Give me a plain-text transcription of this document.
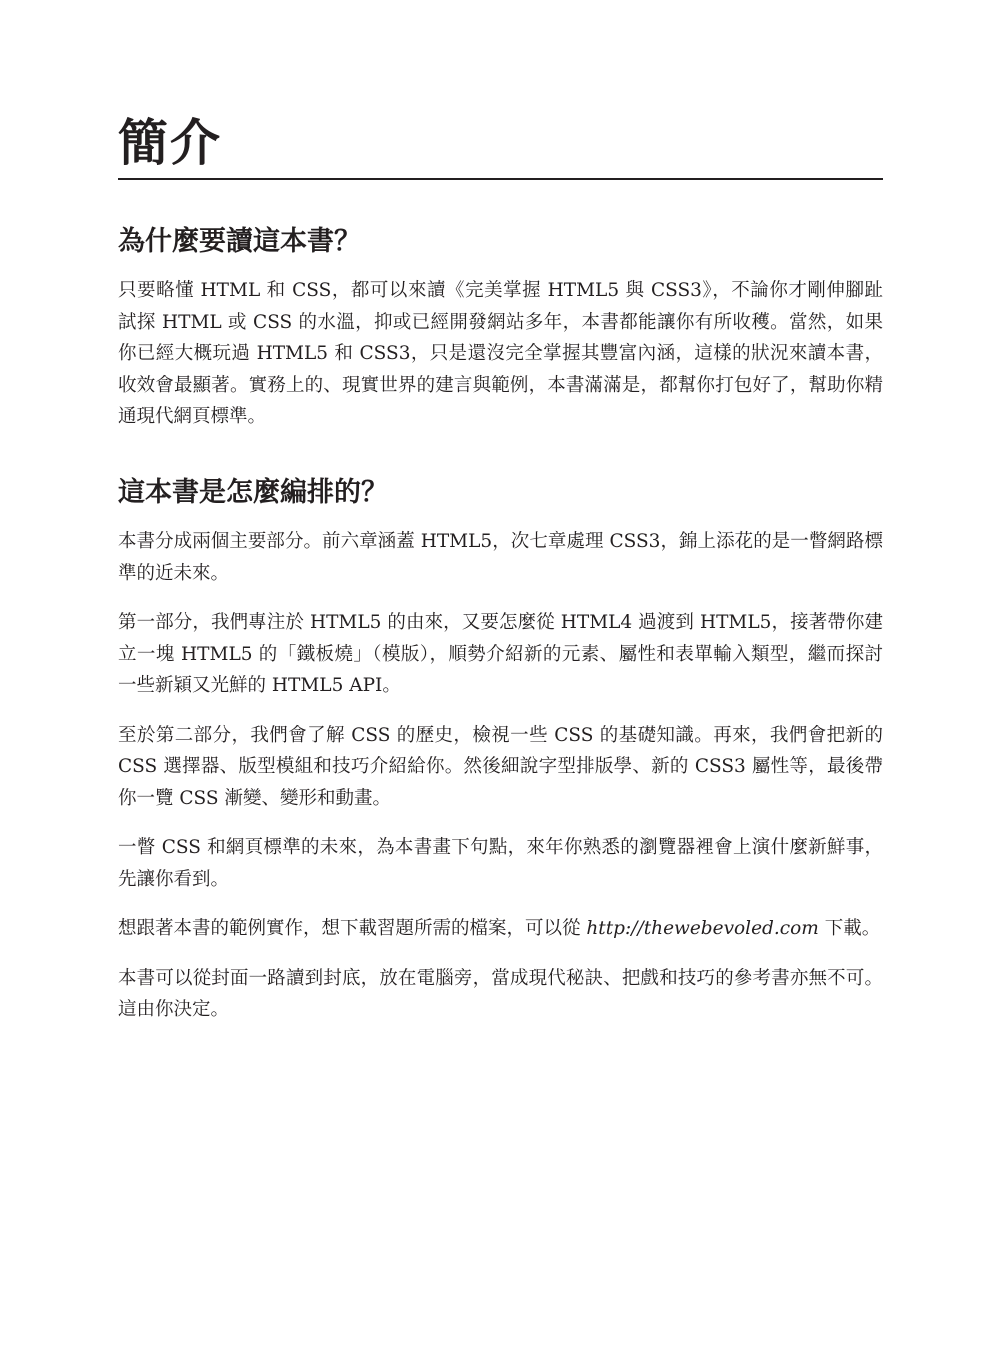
簡介
為什麼要讀這本書？

只要略懂 HTML 和 CSS，都可以來讀《完美掌握 HTML5 與 CSS3》，不論你才剛伸腳趾試探 HTML 或 CSS 的水溫，抑或已經開發網站多年，本書都能讓你有所收穫。當然，如果你已經大概玩過 HTML5 和 CSS3，只是還沒完全掌握其豐富內涵，這樣的狀況來讀本書，收效會最顯著。實務上的、現實世界的建言與範例，本書滿滿是，都幫你打包好了，幫助你精通現代網頁標準。

這本書是怎麼編排的？

本書分成兩個主要部分。前六章涵蓋 HTML5，次七章處理 CSS3，錦上添花的是一瞥網路標準的近未來。

第一部分，我們專注於 HTML5 的由來，又要怎麼從 HTML4 過渡到 HTML5，接著帶你建立一塊 HTML5 的「鐵板燒」（模版），順勢介紹新的元素、屬性和表單輸入類型，繼而探討一些新穎又光鮮的 HTML5 API。

至於第二部分，我們會了解 CSS 的歷史，檢視一些 CSS 的基礎知識。再來，我們會把新的 CSS 選擇器、版型模組和技巧介紹給你。然後細說字型排版學、新的 CSS3 屬性等，最後帶你一覽 CSS 漸變、變形和動畫。

一瞥 CSS 和網頁標準的未來，為本書畫下句點，來年你熟悉的瀏覽器裡會上演什麼新鮮事，先讓你看到。

想跟著本書的範例實作，想下載習題所需的檔案，可以從 http://thewebevoled.com 下載。

本書可以從封面一路讀到封底，放在電腦旁，當成現代秘訣、把戲和技巧的參考書亦無不可。這由你決定。
